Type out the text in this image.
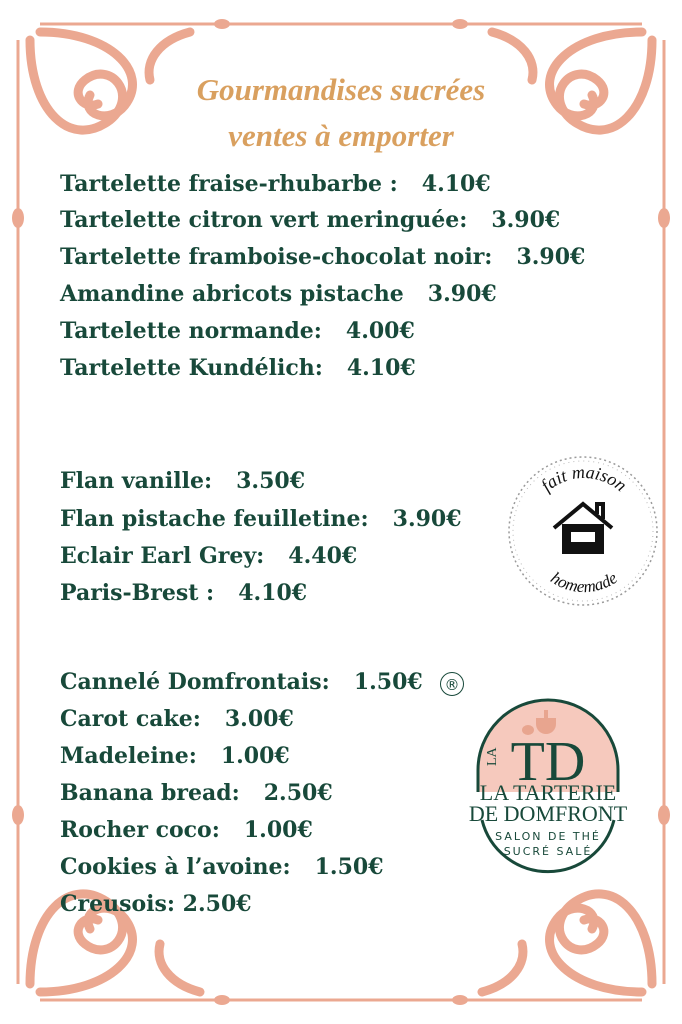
Gourmandises sucrées
ventes à emporter
Tartelette fraise-rhubarbe : 4.10€
Tartelette citron vert meringuée: 3.90€
Tartelette framboise-chocolat noir: 3.90€
Amandine abricots pistache 3.90€
Tartelette normande: 4.00€
Tartelette Kundélich: 4.10€
Flan vanille: 3.50€
Flan pistache feuilletine: 3.90€
Eclair Earl Grey: 4.40€
Paris-Brest : 4.10€
Cannelé Domfrontais: 1.50€
Carot cake: 3.00€
Madeleine: 1.00€
Banana bread: 2.50€
Rocher coco: 1.00€
Cookies à l’avoine: 1.50€
Creusois: 2.50€
®
fait maison
homemade
LA TD
LA TARTERIE
DE DOMFRONT
SALON DE THÉ
SUCRÉ SALÉ
